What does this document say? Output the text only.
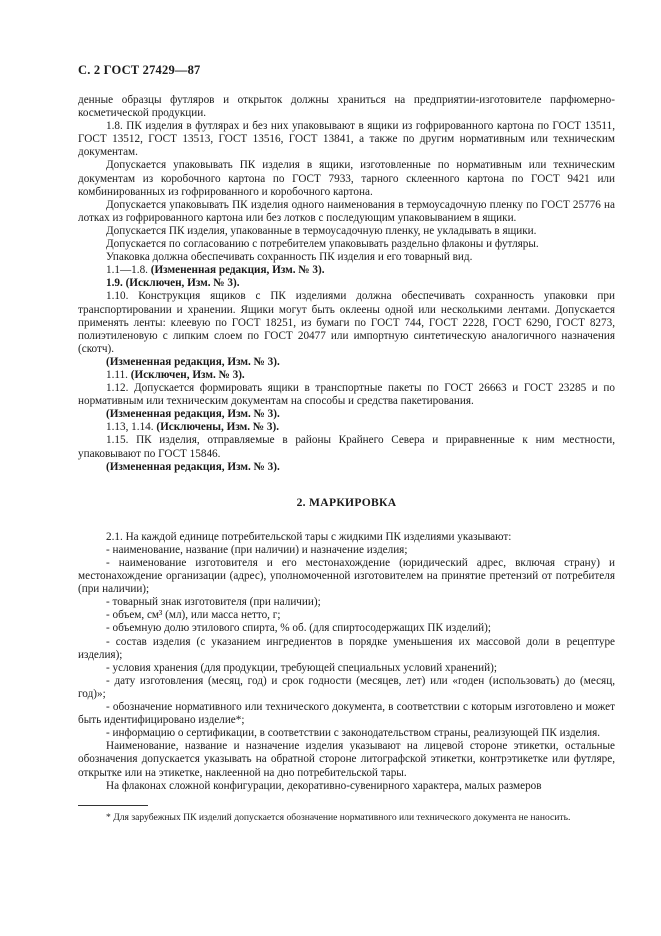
С. 2 ГОСТ 27429—87

денные образцы футляров и открыток должны храниться на предприятии-изготовителе парфюмерно-косметической продукции.

1.8. ПК изделия в футлярах и без них упаковывают в ящики из гофрированного картона по ГОСТ 13511, ГОСТ 13512, ГОСТ 13513, ГОСТ 13516, ГОСТ 13841, а также по другим нормативным или техническим документам.

Допускается упаковывать ПК изделия в ящики, изготовленные по нормативным или техническим документам из коробочного картона по ГОСТ 7933, тарного склеенного картона по ГОСТ 9421 или комбинированных из гофрированного и коробочного картона.

Допускается упаковывать ПК изделия одного наименования в термоусадочную пленку по ГОСТ 25776 на лотках из гофрированного картона или без лотков с последующим упаковыванием в ящики.

Допускается ПК изделия, упакованные в термоусадочную пленку, не укладывать в ящики.

Допускается по согласованию с потребителем упаковывать раздельно флаконы и футляры.

Упаковка должна обеспечивать сохранность ПК изделия и его товарный вид.

1.1—1.8. (Измененная редакция, Изм. № 3).

1.9. (Исключен, Изм. № 3).

1.10. Конструкция ящиков с ПК изделиями должна обеспечивать сохранность упаковки при транспортировании и хранении. Ящики могут быть оклеены одной или несколькими лентами. Допускается применять ленты: клеевую по ГОСТ 18251, из бумаги по ГОСТ 744, ГОСТ 2228, ГОСТ 6290, ГОСТ 8273, полиэтиленовую с липким слоем по ГОСТ 20477 или импортную синтетическую аналогичного назначения (скотч).

(Измененная редакция, Изм. № 3).

1.11. (Исключен, Изм. № 3).

1.12. Допускается формировать ящики в транспортные пакеты по ГОСТ 26663 и ГОСТ 23285 и по нормативным или техническим документам на способы и средства пакетирования.

(Измененная редакция, Изм. № 3).

1.13, 1.14. (Исключены, Изм. № 3).

1.15. ПК изделия, отправляемые в районы Крайнего Севера и приравненные к ним местности, упаковывают по ГОСТ 15846.

(Измененная редакция, Изм. № 3).

2. МАРКИРОВКА

2.1. На каждой единице потребительской тары с жидкими ПК изделиями указывают:

- наименование, название (при наличии) и назначение изделия;

- наименование изготовителя и его местонахождение (юридический адрес, включая страну) и местонахождение организации (адрес), уполномоченной изготовителем на принятие претензий от потребителя (при наличии);

- товарный знак изготовителя (при наличии);

- объем, см³ (мл), или масса нетто, г;

- объемную долю этилового спирта, % об. (для спиртосодержащих ПК изделий);

- состав изделия (с указанием ингредиентов в порядке уменьшения их массовой доли в рецептуре изделия);

- условия хранения (для продукции, требующей специальных условий хранений);

- дату изготовления (месяц, год) и срок годности (месяцев, лет) или «годен (использовать) до (месяц, год)»;

- обозначение нормативного или технического документа, в соответствии с которым изготовлено и может быть идентифицировано изделие*;

- информацию о сертификации, в соответствии с законодательством страны, реализующей ПК изделия.

Наименование, название и назначение изделия указывают на лицевой стороне этикетки, остальные обозначения допускается указывать на обратной стороне литографской этикетки, контрэтикетке или футляре, открытке или на этикетке, наклеенной на дно потребительской тары.

На флаконах сложной конфигурации, декоративно-сувенирного характера, малых размеров

* Для зарубежных ПК изделий допускается обозначение нормативного или технического документа не наносить.
